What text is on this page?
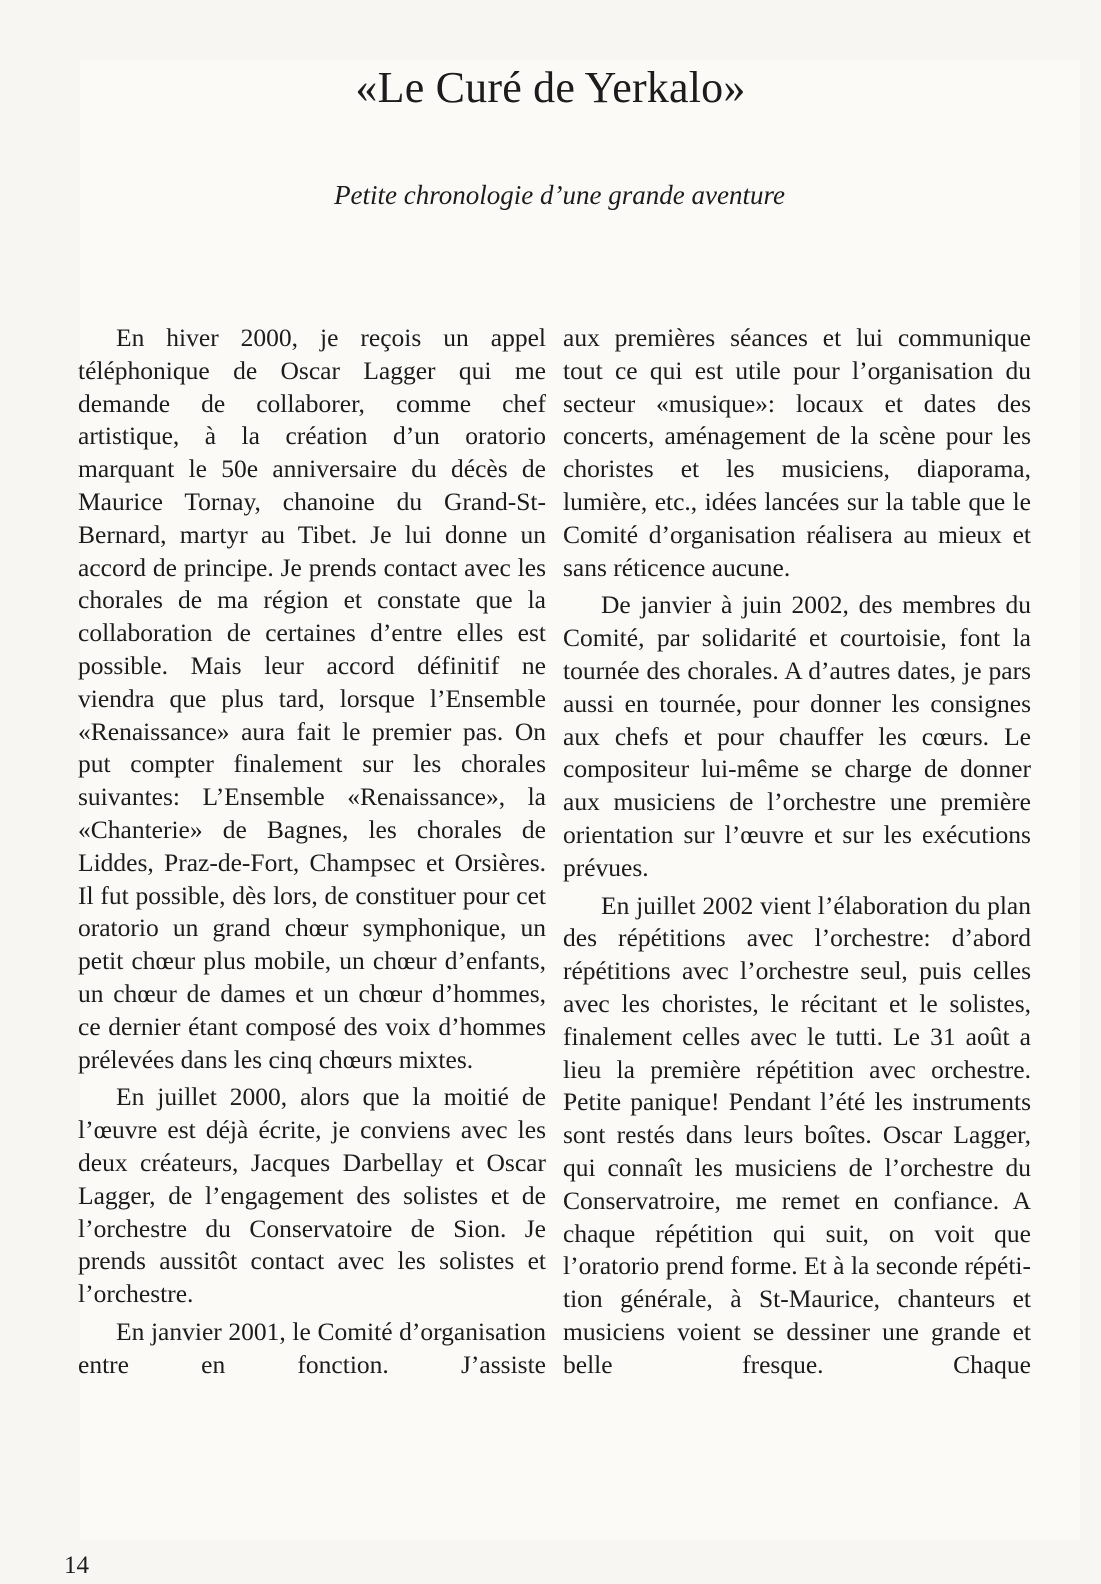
«Le Curé de Yerkalo»
Petite chronologie d’une grande aventure

En hiver 2000, je reçois un appel téléphonique de Oscar Lagger qui me demande de collaborer, comme chef artistique, à la création d’un oratorio marquant le 50e anniversaire du décès de Maurice Tornay, chanoine du Grand-St-Bernard, martyr au Tibet. Je lui donne un accord de principe. Je prends contact avec les chorales de ma région et constate que la collaboration de certaines d’entre elles est possible. Mais leur accord définitif ne viendra que plus tard, lorsque l’Ensemble «Renaissance» aura fait le premier pas. On put compter finalement sur les chorales suivantes: L’Ensemble «Renaissance», la «Chanterie» de Bagnes, les chorales de Liddes, Praz-de-Fort, Champsec et Orsières. Il fut possible, dès lors, de constituer pour cet oratorio un grand chœur symphonique, un petit chœur plus mobile, un chœur d’enfants, un chœur de dames et un chœur d’hommes, ce dernier étant composé des voix d’hommes prélevées dans les cinq chœurs mixtes.

En juillet 2000, alors que la moitié de l’œuvre est déjà écrite, je conviens avec les deux créateurs, Jacques Darbellay et Oscar Lagger, de l’engagement des solistes et de l’orchestre du Conservatoire de Sion. Je prends aussitôt contact avec les solistes et l’orchestre.

En janvier 2001, le Comité d’organisation entre en fonction. J’assiste

aux premières séances et lui communique tout ce qui est utile pour l’organisation du secteur «musique»: locaux et dates des concerts, aménagement de la scène pour les choristes et les musiciens, diaporama, lumière, etc., idées lancées sur la table que le Comité d’organisation réalisera au mieux et sans réticence aucune.

De janvier à juin 2002, des membres du Comité, par solidarité et courtoisie, font la tournée des chorales. A d’autres dates, je pars aussi en tournée, pour donner les consignes aux chefs et pour chauffer les cœurs. Le compositeur lui-même se charge de donner aux musiciens de l’orchestre une première orientation sur l’œuvre et sur les exécutions prévues.

En juillet 2002 vient l’élaboration du plan des répétitions avec l’orchestre: d’abord répétitions avec l’orchestre seul, puis celles avec les choristes, le récitant et le solistes, finalement celles avec le tutti. Le 31 août a lieu la première répétition avec orchestre. Petite panique! Pendant l’été les instruments sont restés dans leurs boîtes. Oscar Lagger, qui connaît les musiciens de l’orchestre du Conservatroire, me remet en confiance. A chaque répétition qui suit, on voit que l’oratorio prend forme. Et à la seconde répétition générale, à St-Maurice, chanteurs et musiciens voient se dessiner une grande et belle fresque. Chaque

14
